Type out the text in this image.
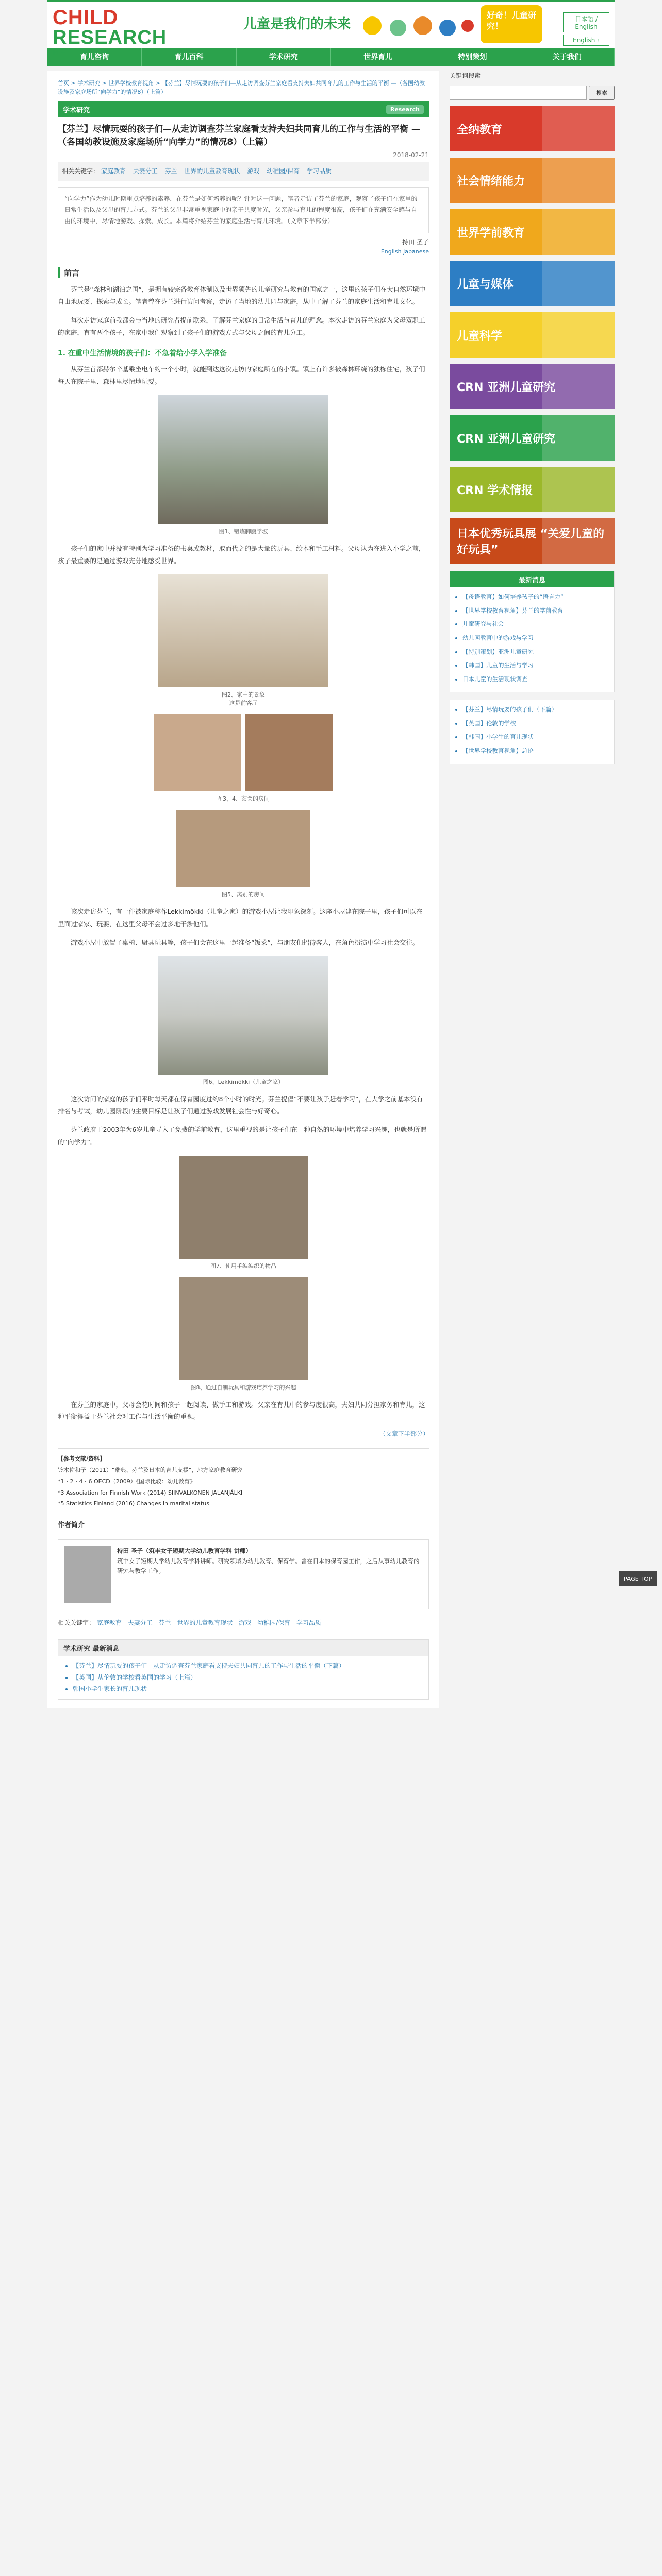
CHILD
RESEARCH
NET
儿童是我们的未来
好奇！儿童研究！
日本語 / English
English ›
育儿咨询	育儿百科	学术研究	世界育儿	特别策划	关于我们
首页 > 学术研究 > 世界学校教育视角 > 【芬兰】尽情玩耍的孩子们—从走访调查芬兰家庭看支持夫妇共同育儿的工作与生活的平衡 —（各国幼教设施及家庭场所“向学力”的情况8）（上篇）
学术研究	Research
【芬兰】尽情玩耍的孩子们—从走访调查芬兰家庭看支持夫妇共同育儿的工作与生活的平衡 —（各国幼教设施及家庭场所“向学力”的情况8）（上篇）
2018-02-21
相关关键字： 家庭教育 夫妻分工 芬兰 世界的儿童教育现状 游戏 幼稚园/保育 学习品质
“向学力”作为幼儿时期重点培养的素养，在芬兰是如何培养的呢？针对这一问题，笔者走访了芬兰的家庭，观察了孩子们在家里的日常生活以及父母的育儿方式。芬兰的父母非常重视家庭中的亲子共度时光，父亲参与育儿的程度很高，孩子们在充满安全感与自由的环境中，尽情地游戏、探索、成长。本篇将介绍芬兰的家庭生活与育儿环境。（文章下半部分）
持田 圣子
English Japanese
前言

芬兰是“森林和湖泊之国”，是拥有较完备教育体制以及世界领先的儿童研究与教育的国家之一，这里的孩子们在大自然环境中自由地玩耍、探索与成长。笔者曾在芬兰进行访问考察，走访了当地的幼儿园与家庭，从中了解了芬兰的家庭生活和育儿文化。

每次走访家庭前我都会与当地的研究者提前联系，了解芬兰家庭的日常生活与育儿的理念。本次走访的芬兰家庭为父母双职工的家庭，育有两个孩子，在家中我们观察到了孩子们的游戏方式与父母之间的育儿分工。

1. 在重中生活情境的孩子们：不急着给小学入学准备

从芬兰首都赫尔辛基乘坐电车约一个小时，就能到达这次走访的家庭所在的小镇。镇上有许多被森林环绕的独栋住宅，孩子们每天在院子里、森林里尽情地玩耍。

图1、锻炼脚腹学坡

孩子们的家中并没有特别为学习准备的书桌或教材，取而代之的是大量的玩具、绘本和手工材料。父母认为在进入小学之前，孩子最重要的是通过游戏充分地感受世界。

图2、家中的景象
这是前客厅
图3、4、玄关的房间
图5、离别的房间

该次走访芬兰，有一件被家庭称作Lekkimökki（儿童之家）的游戏小屋让我印象深刻。这座小屋建在院子里，孩子们可以在里面过家家、玩耍，在这里父母不会过多地干涉他们。

游戏小屋中放置了桌椅、厨具玩具等，孩子们会在这里一起准备“饭菜”，与朋友们招待客人，在角色扮演中学习社会交往。

图6、Lekkimökki（儿童之家）

这次访问的家庭的孩子们平时每天都在保育园度过约8个小时的时光。芬兰提倡“不要让孩子赶着学习”，在大学之前基本没有排名与考试，幼儿园阶段的主要目标是让孩子们通过游戏发展社会性与好奇心。

芬兰政府于2003年为6岁儿童导入了免费的学前教育，这里重视的是让孩子们在一种自然的环境中培养学习兴趣，也就是所谓的“向学力”。

图7、使用手编编织的物品
图8、通过自制玩具和游戏培养学习的兴趣

在芬兰的家庭中，父母会花时间和孩子一起阅读、做手工和游戏。父亲在育儿中的参与度很高，夫妇共同分担家务和育儿，这种平衡得益于芬兰社会对工作与生活平衡的重视。

（文章下半部分）
【参考文献/资料】
铃木佐和子（2011）“瑞典、芬兰及日本的育儿支援”，地方家庭教育研究
*1・2・4・6 OECD（2009）《国际比较：幼儿教育》
*3 Association for Finnish Work (2014) SIINVALKONEN JALANJÄLKI
*5 Statistics Finland (2016) Changes in marital status
作者简介
持田 圣子（筑丰女子短期大学幼儿教育学科 讲师）
筑丰女子短期大学幼儿教育学科讲师。研究领域为幼儿教育、保育学。曾在日本的保育园工作，之后从事幼儿教育的研究与教学工作。
相关关键字： 家庭教育 夫妻分工 芬兰 世界的儿童教育现状 游戏 幼稚园/保育 学习品质
学术研究 最新消息
• 【芬兰】尽情玩耍的孩子们—从走访调查芬兰家庭看支持夫妇共同育儿的工作与生活的平衡（下篇）
• 【英国】从伦敦的学校看英国的学习（上篇）
• 韩国小学生家长的育儿现状
关键词搜索
搜索
全纳教育
社会情绪能力
世界学前教育
儿童与媒体
儿童科学
CRN 亚洲儿童研究
CRN 亚洲儿童研究
CRN 学术情报
日本优秀玩具展 “关爱儿童的好玩具”
最新消息
• 【母语教育】如何培养孩子的“语言力”
• 【世界学校教育视角】芬兰的学前教育
• 儿童研究与社会
• 幼儿园教育中的游戏与学习
• 【特别策划】亚洲儿童研究
• 【韩国】儿童的生活与学习
• 日本儿童的生活现状调查
• 【芬兰】尽情玩耍的孩子们（下篇）
• 【英国】伦敦的学校
• 【韩国】小学生的育儿现状
• 【世界学校教育视角】总论
PAGE TOP
